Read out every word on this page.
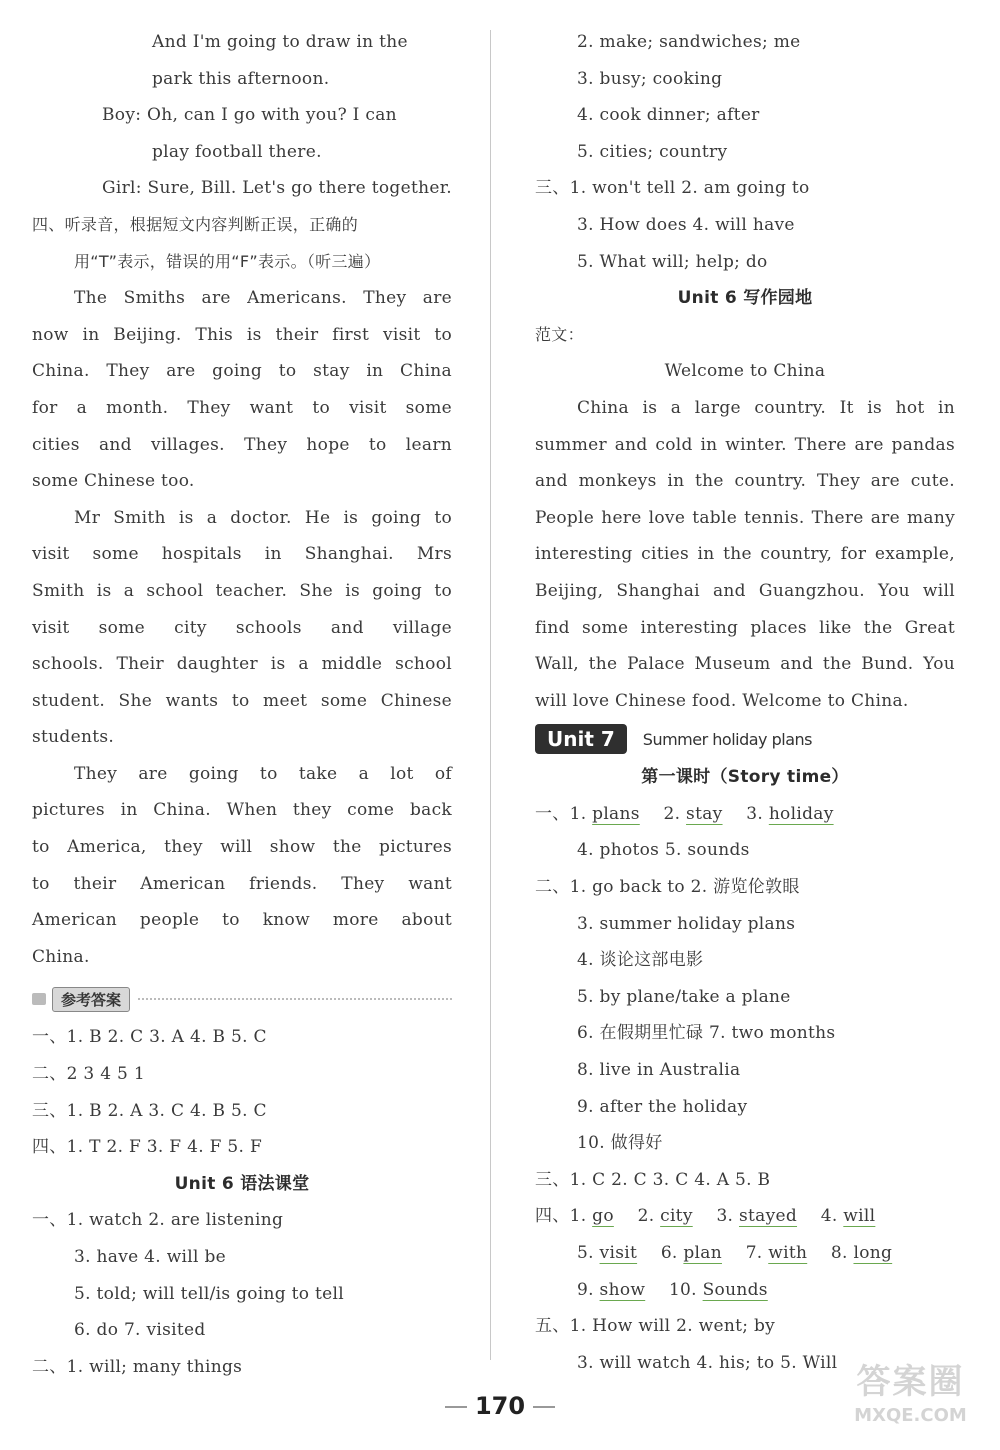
And I'm going to draw in the
park this afternoon.
Boy: Oh, can I go with you? I can
play football there.
Girl: Sure, Bill. Let's go there together.
四、听录音，根据短文内容判断正误，正确的
用“T”表示，错误的用“F”表示。（听三遍）
The Smiths are Americans. They are
now in Beijing. This is their first visit to
China. They are going to stay in China
for a month. They want to visit some
cities and villages. They hope to learn
some Chinese too.
Mr Smith is a doctor. He is going to
visit some hospitals in Shanghai. Mrs
Smith is a school teacher. She is going to
visit some city schools and village
schools. Their daughter is a middle school
student. She wants to meet some Chinese
students.
They are going to take a lot of
pictures in China. When they come back
to America, they will show the pictures
to their American friends. They want
American people to know more about
China.
参考答案
一、1. B 2. C 3. A 4. B 5. C
二、2 3 4 5 1
三、1. B 2. A 3. C 4. B 5. C
四、1. T 2. F 3. F 4. F 5. F
Unit 6 语法课堂
一、1. watch 2. are listening
3. have 4. will be
5. told; will tell/is going to tell
6. do 7. visited
二、1. will; many things
2. make; sandwiches; me
3. busy; cooking
4. cook dinner; after
5. cities; country
三、1. won't tell 2. am going to
3. How does 4. will have
5. What will; help; do
Unit 6 写作园地
范文：
Welcome to China
China is a large country. It is hot in
summer and cold in winter. There are pandas
and monkeys in the country. They are cute.
People here love table tennis. There are many
interesting cities in the country, for example,
Beijing, Shanghai and Guangzhou. You will
find some interesting places like the Great
Wall, the Palace Museum and the Bund. You
will love Chinese food. Welcome to China.
Unit 7	Summer holiday plans
第一课时（Story time）
一、1. plans 2. stay 3. holiday
4. photos 5. sounds
二、1. go back to 2. 游览伦敦眼
3. summer holiday plans
4. 谈论这部电影
5. by plane/take a plane
6. 在假期里忙碌 7. two months
8. live in Australia
9. after the holiday
10. 做得好
三、1. C 2. C 3. C 4. A 5. B
四、1. go 2. city 3. stayed 4. will
5. visit 6. plan 7. with 8. long
9. show 10. Sounds
五、1. How will 2. went; by
3. will watch 4. his; to 5. Will
170
答案圈
MXQE.COM
